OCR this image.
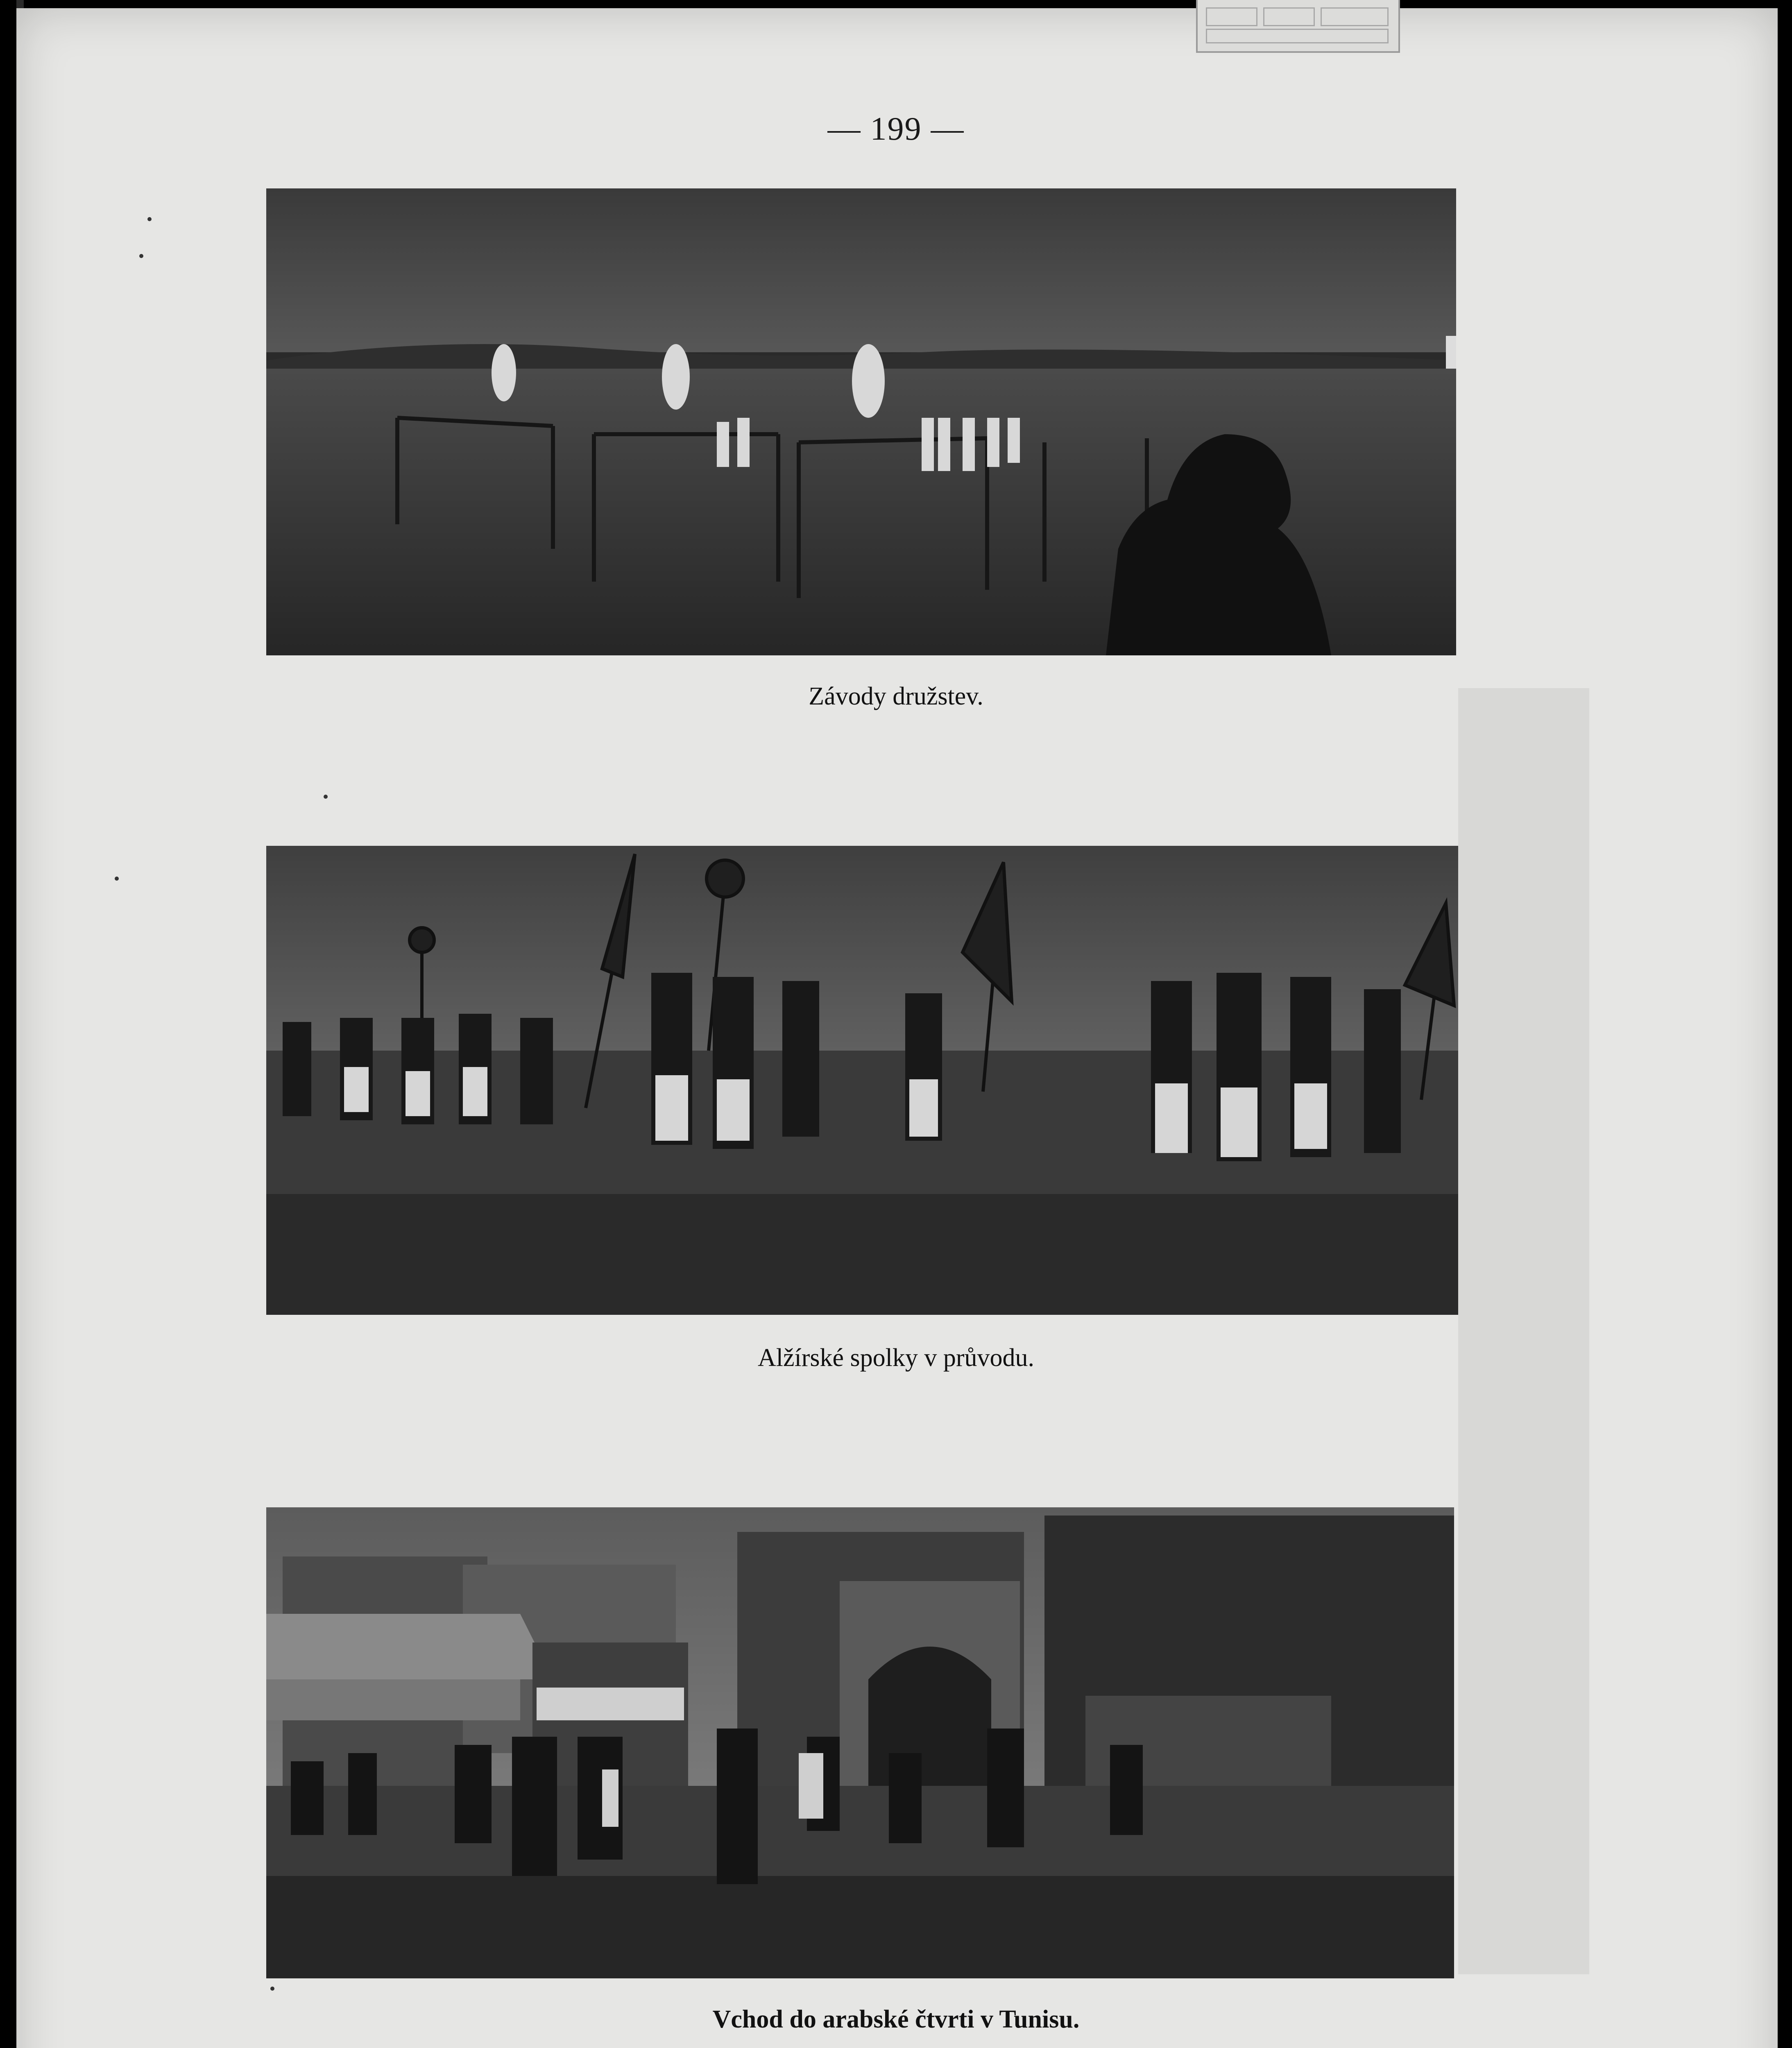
— 199 —
Závody družstev.
Alžírské spolky v průvodu.
Vchod do arabské čtvrti v Tunisu.
